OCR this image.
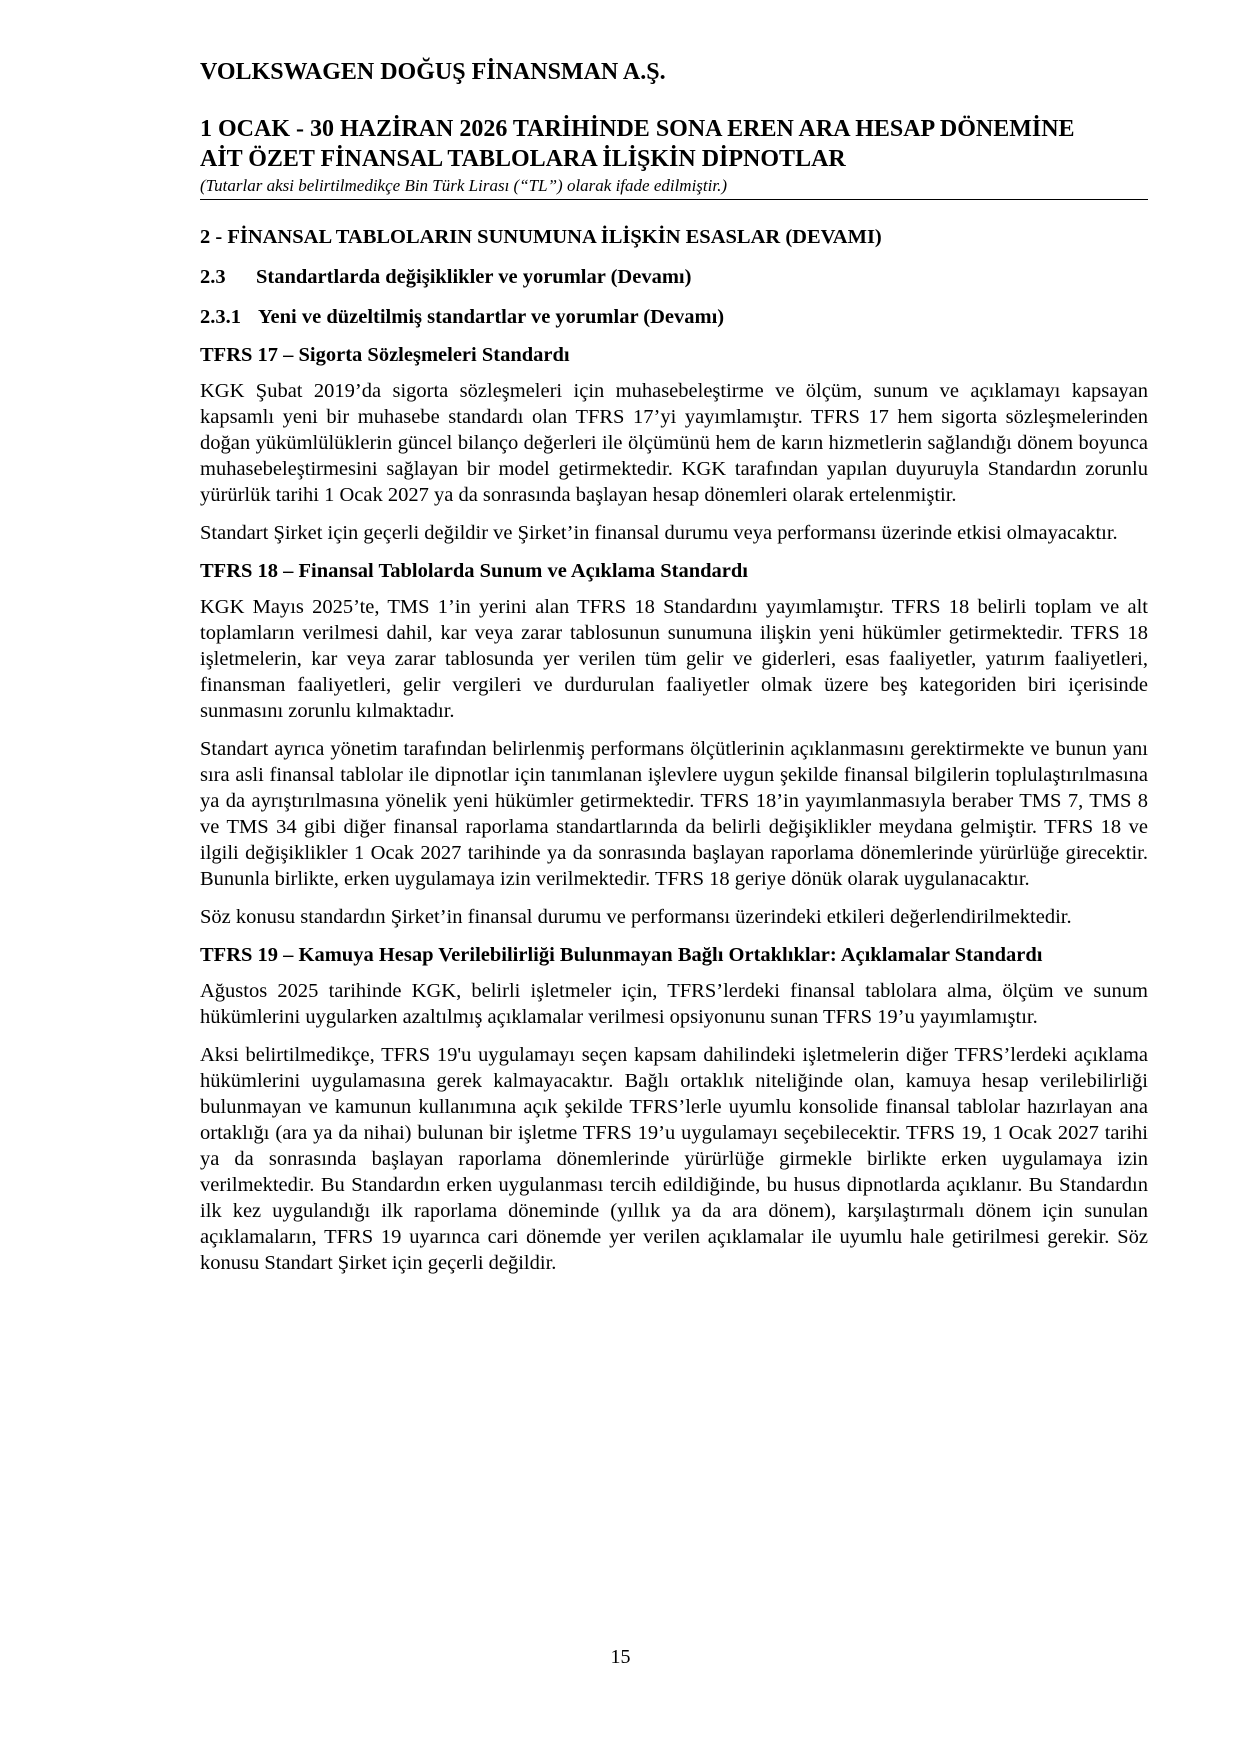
VOLKSWAGEN DOĞUŞ FİNANSMAN A.Ş.

1 OCAK - 30 HAZİRAN 2026 TARİHİNDE SONA EREN ARA HESAP DÖNEMİNE
AİT ÖZET FİNANSAL TABLOLARA İLİŞKİN DİPNOTLAR

(Tutarlar aksi belirtilmedikçe Bin Türk Lirası (“TL”) olarak ifade edilmiştir.)

2 - FİNANSAL TABLOLARIN SUNUMUNA İLİŞKİN ESASLAR (DEVAMI)

2.3 Standartlarda değişiklikler ve yorumlar (Devamı)

2.3.1 Yeni ve düzeltilmiş standartlar ve yorumlar (Devamı)

TFRS 17 – Sigorta Sözleşmeleri Standardı

KGK Şubat 2019’da sigorta sözleşmeleri için muhasebeleştirme ve ölçüm, sunum ve açıklamayı kapsayan kapsamlı yeni bir muhasebe standardı olan TFRS 17’yi yayımlamıştır. TFRS 17 hem sigorta sözleşmelerinden doğan yükümlülüklerin güncel bilanço değerleri ile ölçümünü hem de karın hizmetlerin sağlandığı dönem boyunca muhasebeleştirmesini sağlayan bir model getirmektedir. KGK tarafından yapılan duyuruyla Standardın zorunlu yürürlük tarihi 1 Ocak 2027 ya da sonrasında başlayan hesap dönemleri olarak ertelenmiştir.

Standart Şirket için geçerli değildir ve Şirket’in finansal durumu veya performansı üzerinde etkisi olmayacaktır.

TFRS 18 – Finansal Tablolarda Sunum ve Açıklama Standardı

KGK Mayıs 2025’te, TMS 1’in yerini alan TFRS 18 Standardını yayımlamıştır. TFRS 18 belirli toplam ve alt toplamların verilmesi dahil, kar veya zarar tablosunun sunumuna ilişkin yeni hükümler getirmektedir. TFRS 18 işletmelerin, kar veya zarar tablosunda yer verilen tüm gelir ve giderleri, esas faaliyetler, yatırım faaliyetleri, finansman faaliyetleri, gelir vergileri ve durdurulan faaliyetler olmak üzere beş kategoriden biri içerisinde sunmasını zorunlu kılmaktadır.

Standart ayrıca yönetim tarafından belirlenmiş performans ölçütlerinin açıklanmasını gerektirmekte ve bunun yanı sıra asli finansal tablolar ile dipnotlar için tanımlanan işlevlere uygun şekilde finansal bilgilerin toplulaştırılmasına ya da ayrıştırılmasına yönelik yeni hükümler getirmektedir. TFRS 18’in yayımlanmasıyla beraber TMS 7, TMS 8 ve TMS 34 gibi diğer finansal raporlama standartlarında da belirli değişiklikler meydana gelmiştir. TFRS 18 ve ilgili değişiklikler 1 Ocak 2027 tarihinde ya da sonrasında başlayan raporlama dönemlerinde yürürlüğe girecektir. Bununla birlikte, erken uygulamaya izin verilmektedir. TFRS 18 geriye dönük olarak uygulanacaktır.

Söz konusu standardın Şirket’in finansal durumu ve performansı üzerindeki etkileri değerlendirilmektedir.

TFRS 19 – Kamuya Hesap Verilebilirliği Bulunmayan Bağlı Ortaklıklar: Açıklamalar Standardı

Ağustos 2025 tarihinde KGK, belirli işletmeler için, TFRS’lerdeki finansal tablolara alma, ölçüm ve sunum hükümlerini uygularken azaltılmış açıklamalar verilmesi opsiyonunu sunan TFRS 19’u yayımlamıştır.

Aksi belirtilmedikçe, TFRS 19'u uygulamayı seçen kapsam dahilindeki işletmelerin diğer TFRS’lerdeki açıklama hükümlerini uygulamasına gerek kalmayacaktır. Bağlı ortaklık niteliğinde olan, kamuya hesap verilebilirliği bulunmayan ve kamunun kullanımına açık şekilde TFRS’lerle uyumlu konsolide finansal tablolar hazırlayan ana ortaklığı (ara ya da nihai) bulunan bir işletme TFRS 19’u uygulamayı seçebilecektir. TFRS 19, 1 Ocak 2027 tarihi ya da sonrasında başlayan raporlama dönemlerinde yürürlüğe girmekle birlikte erken uygulamaya izin verilmektedir. Bu Standardın erken uygulanması tercih edildiğinde, bu husus dipnotlarda açıklanır. Bu Standardın ilk kez uygulandığı ilk raporlama döneminde (yıllık ya da ara dönem), karşılaştırmalı dönem için sunulan açıklamaların, TFRS 19 uyarınca cari dönemde yer verilen açıklamalar ile uyumlu hale getirilmesi gerekir. Söz konusu Standart Şirket için geçerli değildir.

15
